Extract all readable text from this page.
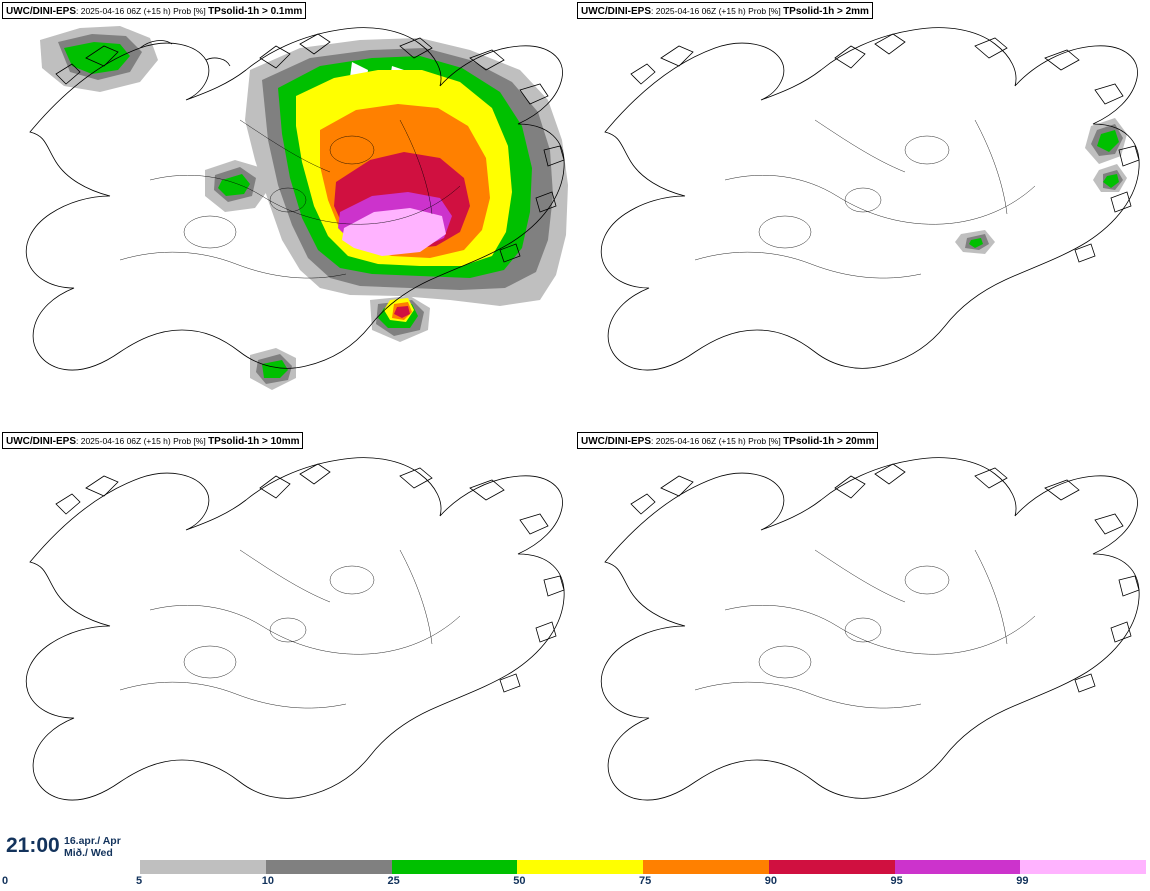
UWC/DINI-EPS: 2025-04-16 06Z (+15 h) Prob [%] TPsolid-1h > 0.1mm	UWC/DINI-EPS: 2025-04-16 06Z (+15 h) Prob [%] TPsolid-1h > 2mm
UWC/DINI-EPS: 2025-04-16 06Z (+15 h) Prob [%] TPsolid-1h > 10mm	UWC/DINI-EPS: 2025-04-16 06Z (+15 h) Prob [%] TPsolid-1h > 20mm
21:00 16.apr./ Apr
Mið./ Wed
0	5	10	25	50	75	90	95	99
